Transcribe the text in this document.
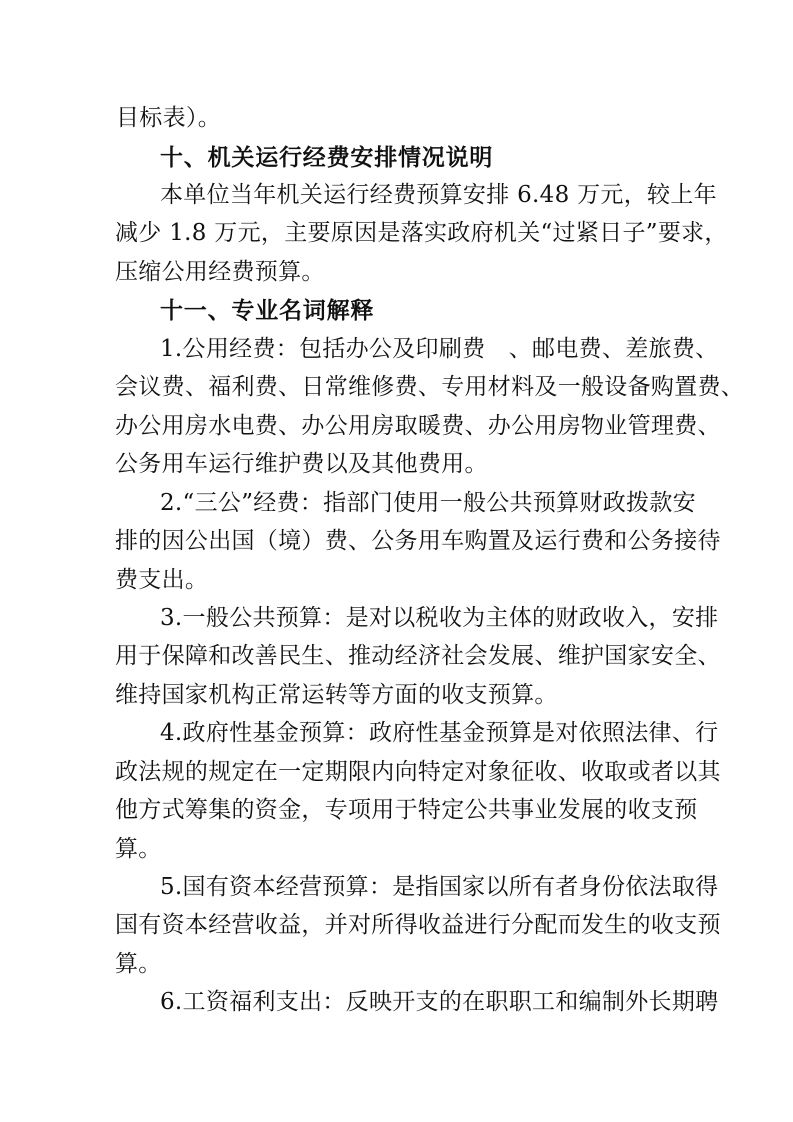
目标表）。
十、机关运行经费安排情况说明
本单位当年机关运行经费预算安排 6.48 万元，较上年
减少 1.8 万元，主要原因是落实政府机关“过紧日子”要求，
压缩公用经费预算。
十一、专业名词解释
1.公用经费：包括办公及印刷费　、邮电费、差旅费、
会议费、福利费、日常维修费、专用材料及一般设备购置费、
办公用房水电费、办公用房取暖费、办公用房物业管理费、
公务用车运行维护费以及其他费用。
2.“三公”经费：指部门使用一般公共预算财政拨款安
排的因公出国（境）费、公务用车购置及运行费和公务接待
费支出。
3.一般公共预算：是对以税收为主体的财政收入，安排
用于保障和改善民生、推动经济社会发展、维护国家安全、
维持国家机构正常运转等方面的收支预算。
4.政府性基金预算：政府性基金预算是对依照法律、行
政法规的规定在一定期限内向特定对象征收、收取或者以其
他方式筹集的资金，专项用于特定公共事业发展的收支预
算。
5.国有资本经营预算：是指国家以所有者身份依法取得
国有资本经营收益，并对所得收益进行分配而发生的收支预
算。
6.工资福利支出：反映开支的在职职工和编制外长期聘
